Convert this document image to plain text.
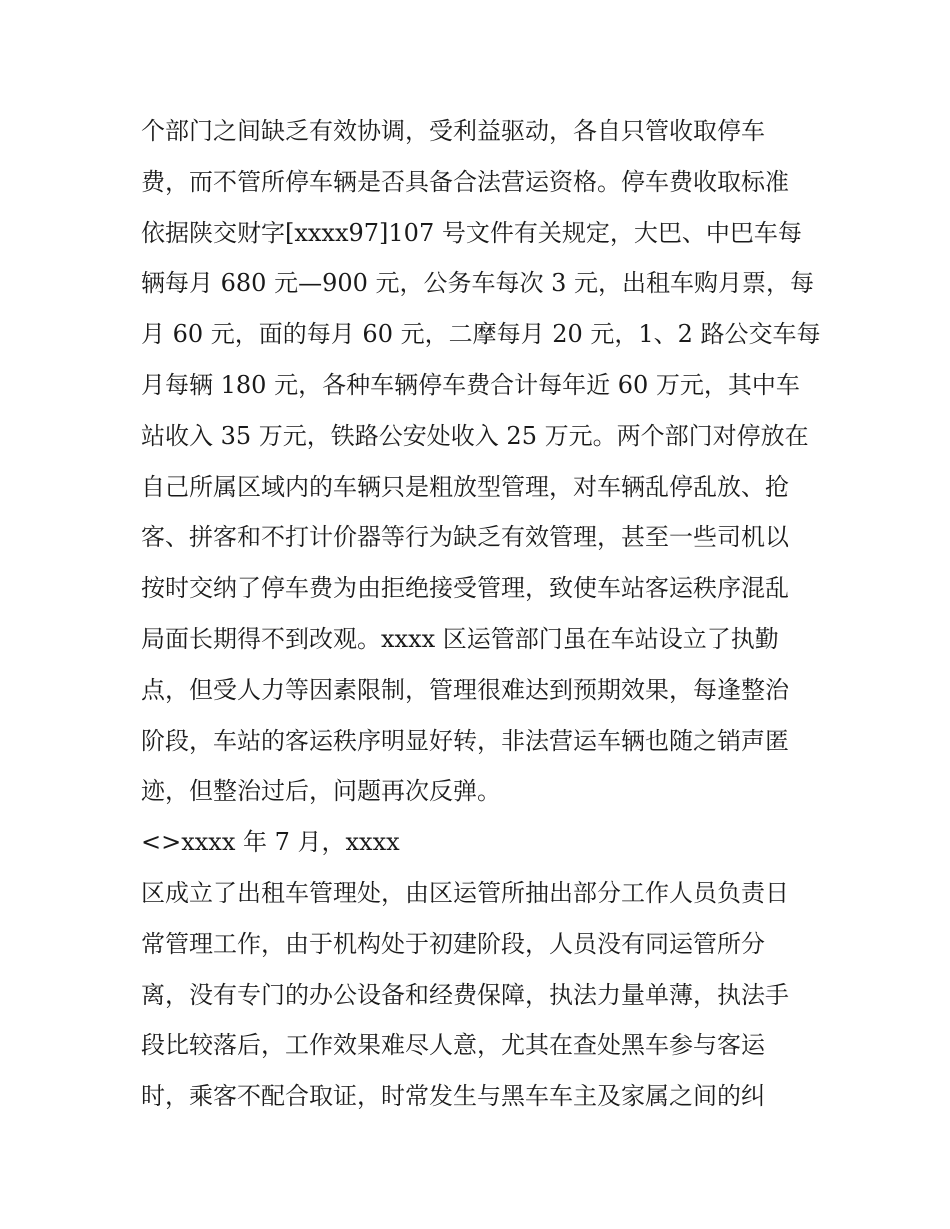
个部门之间缺乏有效协调，受利益驱动，各自只管收取停车
费，而不管所停车辆是否具备合法营运资格。停车费收取标准
依据陕交财字[xxxx97]107 号文件有关规定，大巴、中巴车每
辆每月 680 元—900 元，公务车每次 3 元，出租车购月票，每
月 60 元，面的每月 60 元，二摩每月 20 元，1、2 路公交车每
月每辆 180 元，各种车辆停车费合计每年近 60 万元，其中车
站收入 35 万元，铁路公安处收入 25 万元。两个部门对停放在
自己所属区域内的车辆只是粗放型管理，对车辆乱停乱放、抢
客、拼客和不打计价器等行为缺乏有效管理，甚至一些司机以
按时交纳了停车费为由拒绝接受管理，致使车站客运秩序混乱
局面长期得不到改观。xxxx 区运管部门虽在车站设立了执勤
点，但受人力等因素限制，管理很难达到预期效果，每逢整治
阶段，车站的客运秩序明显好转，非法营运车辆也随之销声匿
迹，但整治过后，问题再次反弹。
<>xxxx 年 7 月，xxxx
区成立了出租车管理处，由区运管所抽出部分工作人员负责日
常管理工作，由于机构处于初建阶段，人员没有同运管所分
离，没有专门的办公设备和经费保障，执法力量单薄，执法手
段比较落后，工作效果难尽人意，尤其在查处黑车参与客运
时，乘客不配合取证，时常发生与黑车车主及家属之间的纠
